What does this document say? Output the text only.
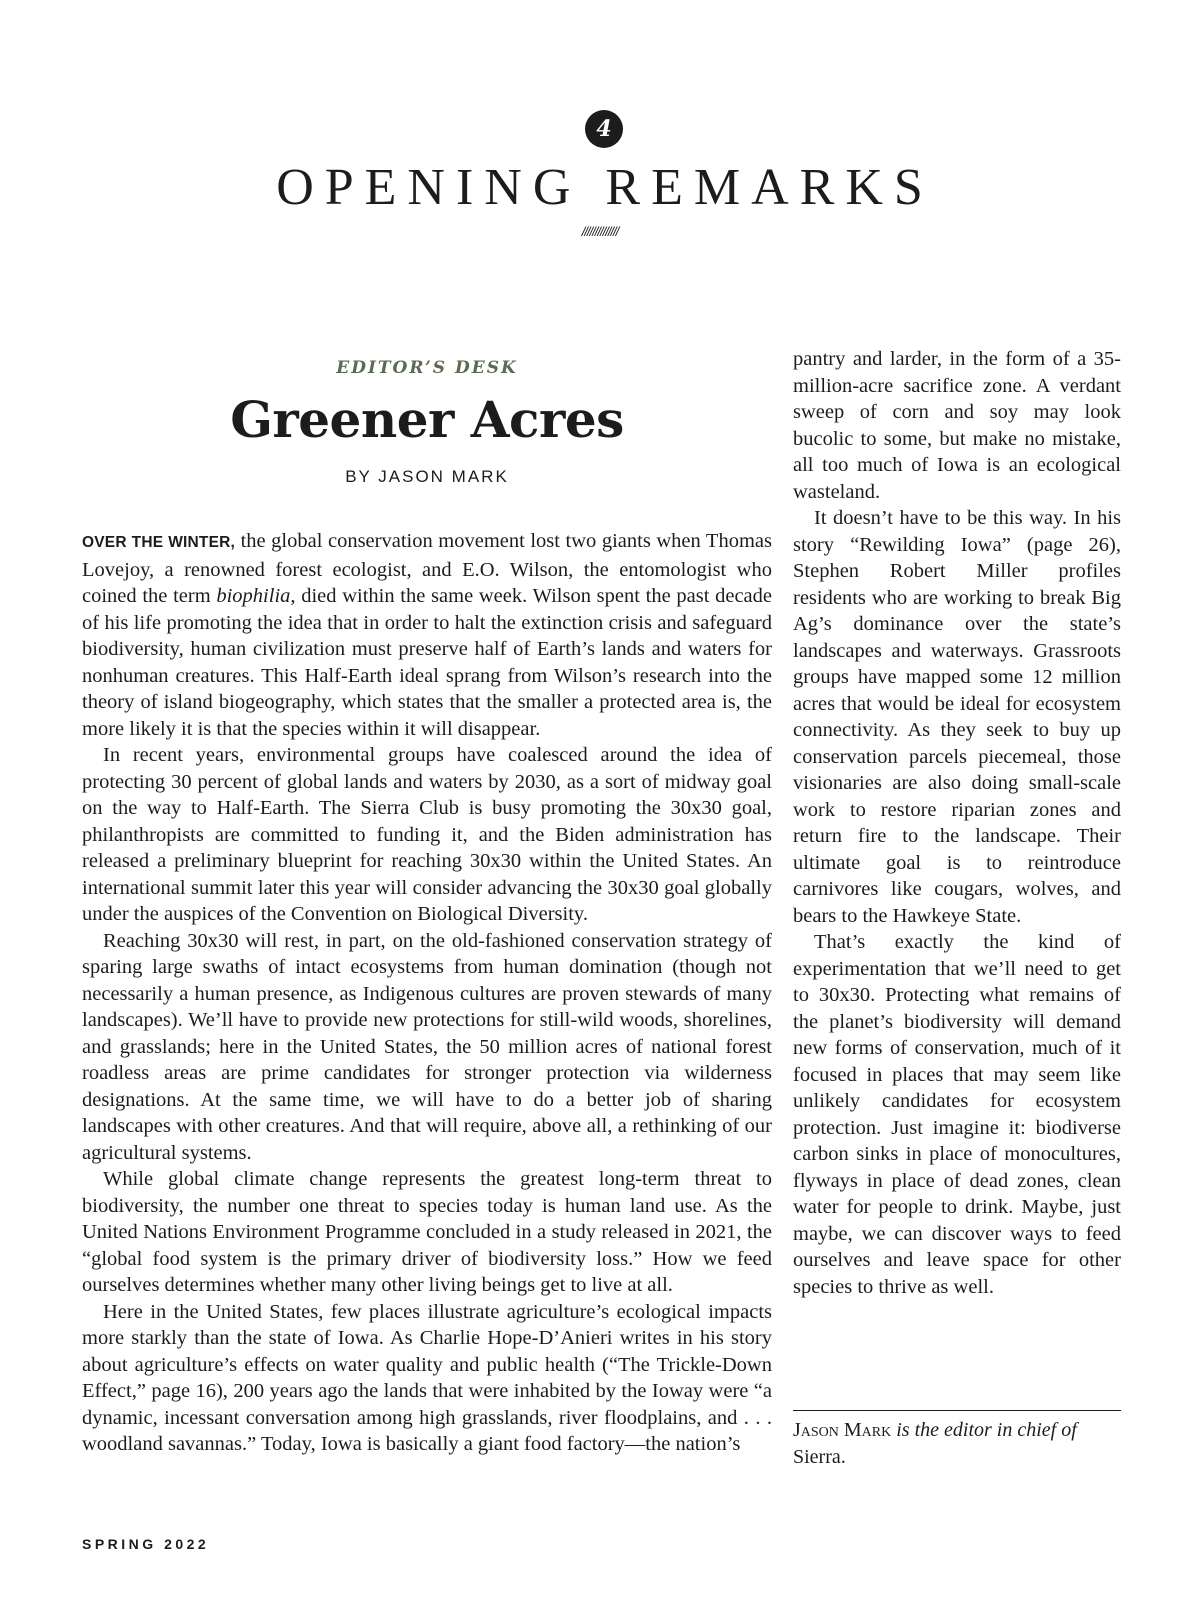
4
OPENING REMARKS
//////////////
EDITOR’S DESK
Greener Acres
BY JASON MARK

OVER THE WINTER, the global conservation movement lost two giants when Thomas Lovejoy, a renowned forest ecologist, and E.O. Wilson, the entomologist who coined the term biophilia, died within the same week. Wilson spent the past decade of his life promoting the idea that in order to halt the extinction crisis and safeguard biodiversity, human civilization must preserve half of Earth’s lands and waters for nonhuman creatures. This Half-Earth ideal sprang from Wilson’s research into the theory of island biogeography, which states that the smaller a protected area is, the more likely it is that the species within it will disappear.

In recent years, environmental groups have coalesced around the idea of protecting 30 percent of global lands and waters by 2030, as a sort of midway goal on the way to Half-Earth. The Sierra Club is busy promoting the 30x30 goal, philanthropists are committed to funding it, and the Biden administration has released a preliminary blueprint for reaching 30x30 within the United States. An international summit later this year will consider advancing the 30x30 goal globally under the auspices of the Convention on Biological Diversity.

Reaching 30x30 will rest, in part, on the old-fashioned conservation strategy of sparing large swaths of intact ecosystems from human domination (though not necessarily a human presence, as Indigenous cultures are proven stewards of many landscapes). We’ll have to provide new protections for still-wild woods, shorelines, and grasslands; here in the United States, the 50 million acres of national forest roadless areas are prime candidates for stronger protection via wilderness designations. At the same time, we will have to do a better job of sharing landscapes with other creatures. And that will require, above all, a rethinking of our agricultural systems.

While global climate change represents the greatest long-term threat to biodiversity, the number one threat to species today is human land use. As the United Nations Environment Programme concluded in a study released in 2021, the “global food system is the primary driver of biodiversity loss.” How we feed ourselves determines whether many other living beings get to live at all.

Here in the United States, few places illustrate agriculture’s ecological impacts more starkly than the state of Iowa. As Charlie Hope-D’Anieri writes in his story about agriculture’s effects on water quality and public health (“The Trickle-Down Effect,” page 16), 200 years ago the lands that were inhabited by the Ioway were “a dynamic, incessant conversation among high grasslands, river floodplains, and . . . woodland savannas.” Today, Iowa is basically a giant food factory—the nation’s

pantry and larder, in the form of a 35-million-acre sacrifice zone. A verdant sweep of corn and soy may look bucolic to some, but make no mistake, all too much of Iowa is an ecological wasteland.

It doesn’t have to be this way. In his story “Rewilding Iowa” (page 26), Stephen Robert Miller profiles residents who are working to break Big Ag’s dominance over the state’s landscapes and waterways. Grassroots groups have mapped some 12 million acres that would be ideal for ecosystem connectivity. As they seek to buy up conservation parcels piecemeal, those visionaries are also doing small-scale work to restore riparian zones and return fire to the landscape. Their ultimate goal is to reintroduce carnivores like cougars, wolves, and bears to the Hawkeye State.

That’s exactly the kind of experimentation that we’ll need to get to 30x30. Protecting what remains of the planet’s biodiversity will demand new forms of conservation, much of it focused in places that may seem like unlikely candidates for ecosystem protection. Just imagine it: biodiverse carbon sinks in place of monocultures, flyways in place of dead zones, clean water for people to drink. Maybe, just maybe, we can discover ways to feed ourselves and leave space for other species to thrive as well.

Jason Mark is the editor in chief of Sierra.
SPRING 2022
